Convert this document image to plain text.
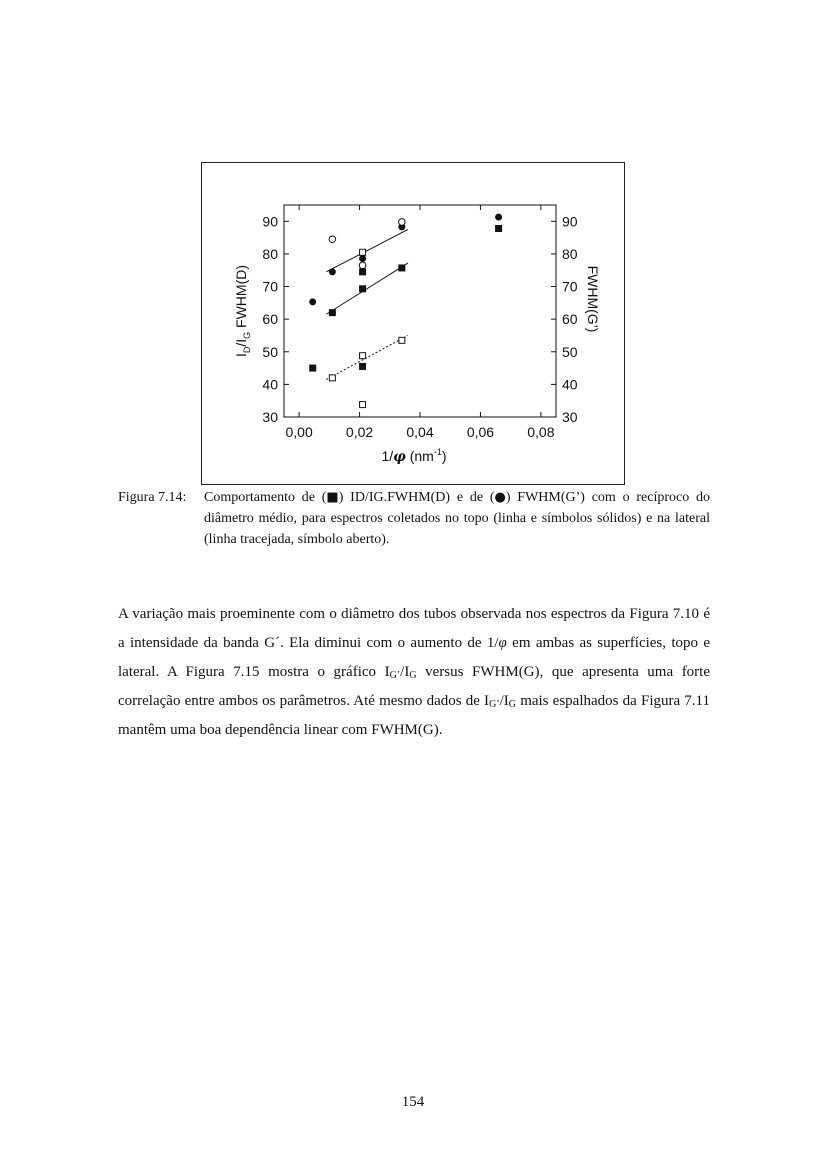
0,00 0,02 0,04 0,06 0,08
30	30
40	40
50	50
60	60
70	70
80	80
90	90
$I_D/I_G$ FWHM(D)	FWHM(G’)
1/φ $(nm^{-1})$
Figura 7.14: Comportamento de (■) ID/IG.FWHM(D) e de (●) FWHM(G’) com o recíproco do diâmetro médio, para espectros coletados no topo (linha e símbolos sólidos) e na lateral (linha tracejada, símbolo aberto).
A variação mais proeminente com o diâmetro dos tubos observada nos espectros da Figura 7.10 é a intensidade da banda G´. Ela diminui com o aumento de 1/φ em ambas as superfícies, topo e lateral. A Figura 7.15 mostra o gráfico $I_{G’}/I_G$ versus FWHM(G), que apresenta uma forte correlação entre ambos os parâmetros. Até mesmo dados de $I_{G’}/I_G$ mais espalhados da Figura 7.11 mantêm uma boa dependência linear com FWHM(G).
154
